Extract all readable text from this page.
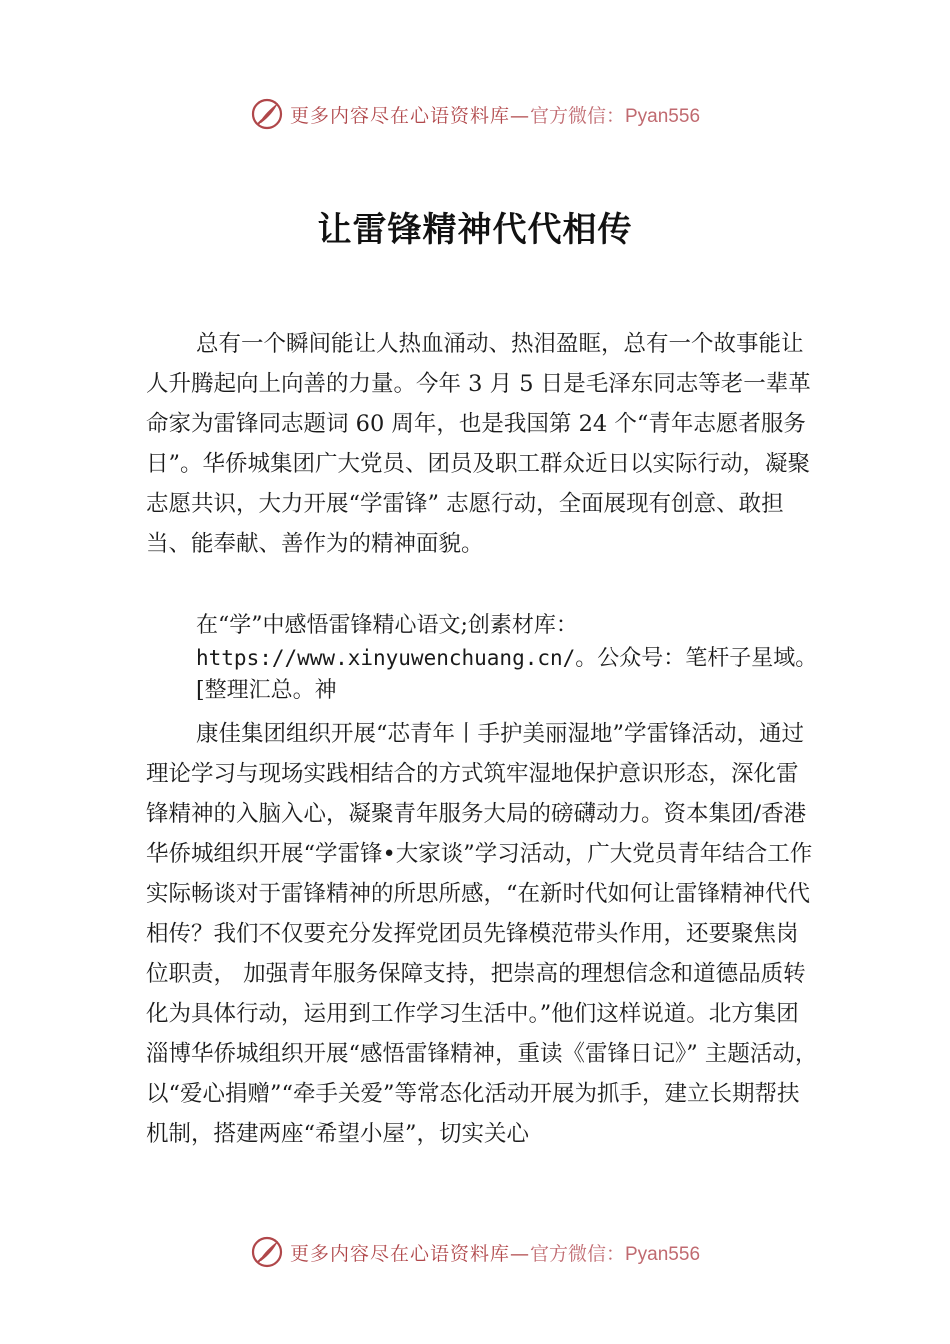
更多内容尽在心语资料库—官方微信：Pyan556
让雷锋精神代代相传
总有一个瞬间能让人热血涌动、热泪盈眶，总有一个故事能让人升腾起向上向善的力量。今年 3 月 5 日是毛泽东同志等老一辈革命家为雷锋同志题词 60 周年，也是我国第 24 个“青年志愿者服务日”。华侨城集团广大党员、团员及职工群众近日以实际行动，凝聚志愿共识，大力开展“学雷锋” 志愿行动，全面展现有创意、敢担当、能奉献、善作为的精神面貌。
在“学”中感悟雷锋精心语文;创素材库：https://www.xinyuwenchuang.cn/。公众号：笔杆子星域。[整理汇总。神
康佳集团组织开展“芯青年丨手护美丽湿地”学雷锋活动，通过理论学习与现场实践相结合的方式筑牢湿地保护意识形态，深化雷锋精神的入脑入心，凝聚青年服务大局的磅礴动力。资本集团/香港华侨城组织开展“学雷锋•大家谈”学习活动，广大党员青年结合工作实际畅谈对于雷锋精神的所思所感，“在新时代如何让雷锋精神代代相传？我们不仅要充分发挥党团员先锋模范带头作用，还要聚焦岗位职责， 加强青年服务保障支持，把崇高的理想信念和道德品质转化为具体行动，运用到工作学习生活中。”他们这样说道。北方集团淄博华侨城组织开展“感悟雷锋精神，重读《雷锋日记》” 主题活动，以“爱心捐赠”“牵手关爱”等常态化活动开展为抓手，建立长期帮扶机制，搭建两座“希望小屋”，切实关心
更多内容尽在心语资料库—官方微信：Pyan556
